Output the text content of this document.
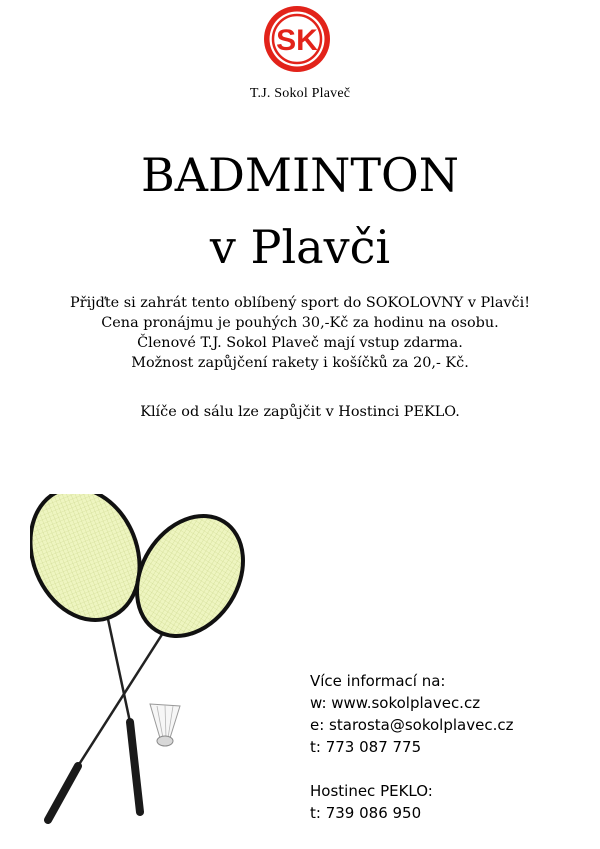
SK
T.J. Sokol Plaveč
BADMINTON
v Plavči
Přijďte si zahrát tento oblíbený sport do SOKOLOVNY v Plavči!
Cena pronájmu je pouhých 30,-Kč za hodinu na osobu.
Členové T.J. Sokol Plaveč mají vstup zdarma.
Možnost zapůjčení rakety i košíčků za 20,- Kč.
Klíče od sálu lze zapůjčit v Hostinci PEKLO.
Více informací na:
w: www.sokolplavec.cz
e: starosta@sokolplavec.cz
t: 773 087 775
Hostinec PEKLO:
t: 739 086 950
